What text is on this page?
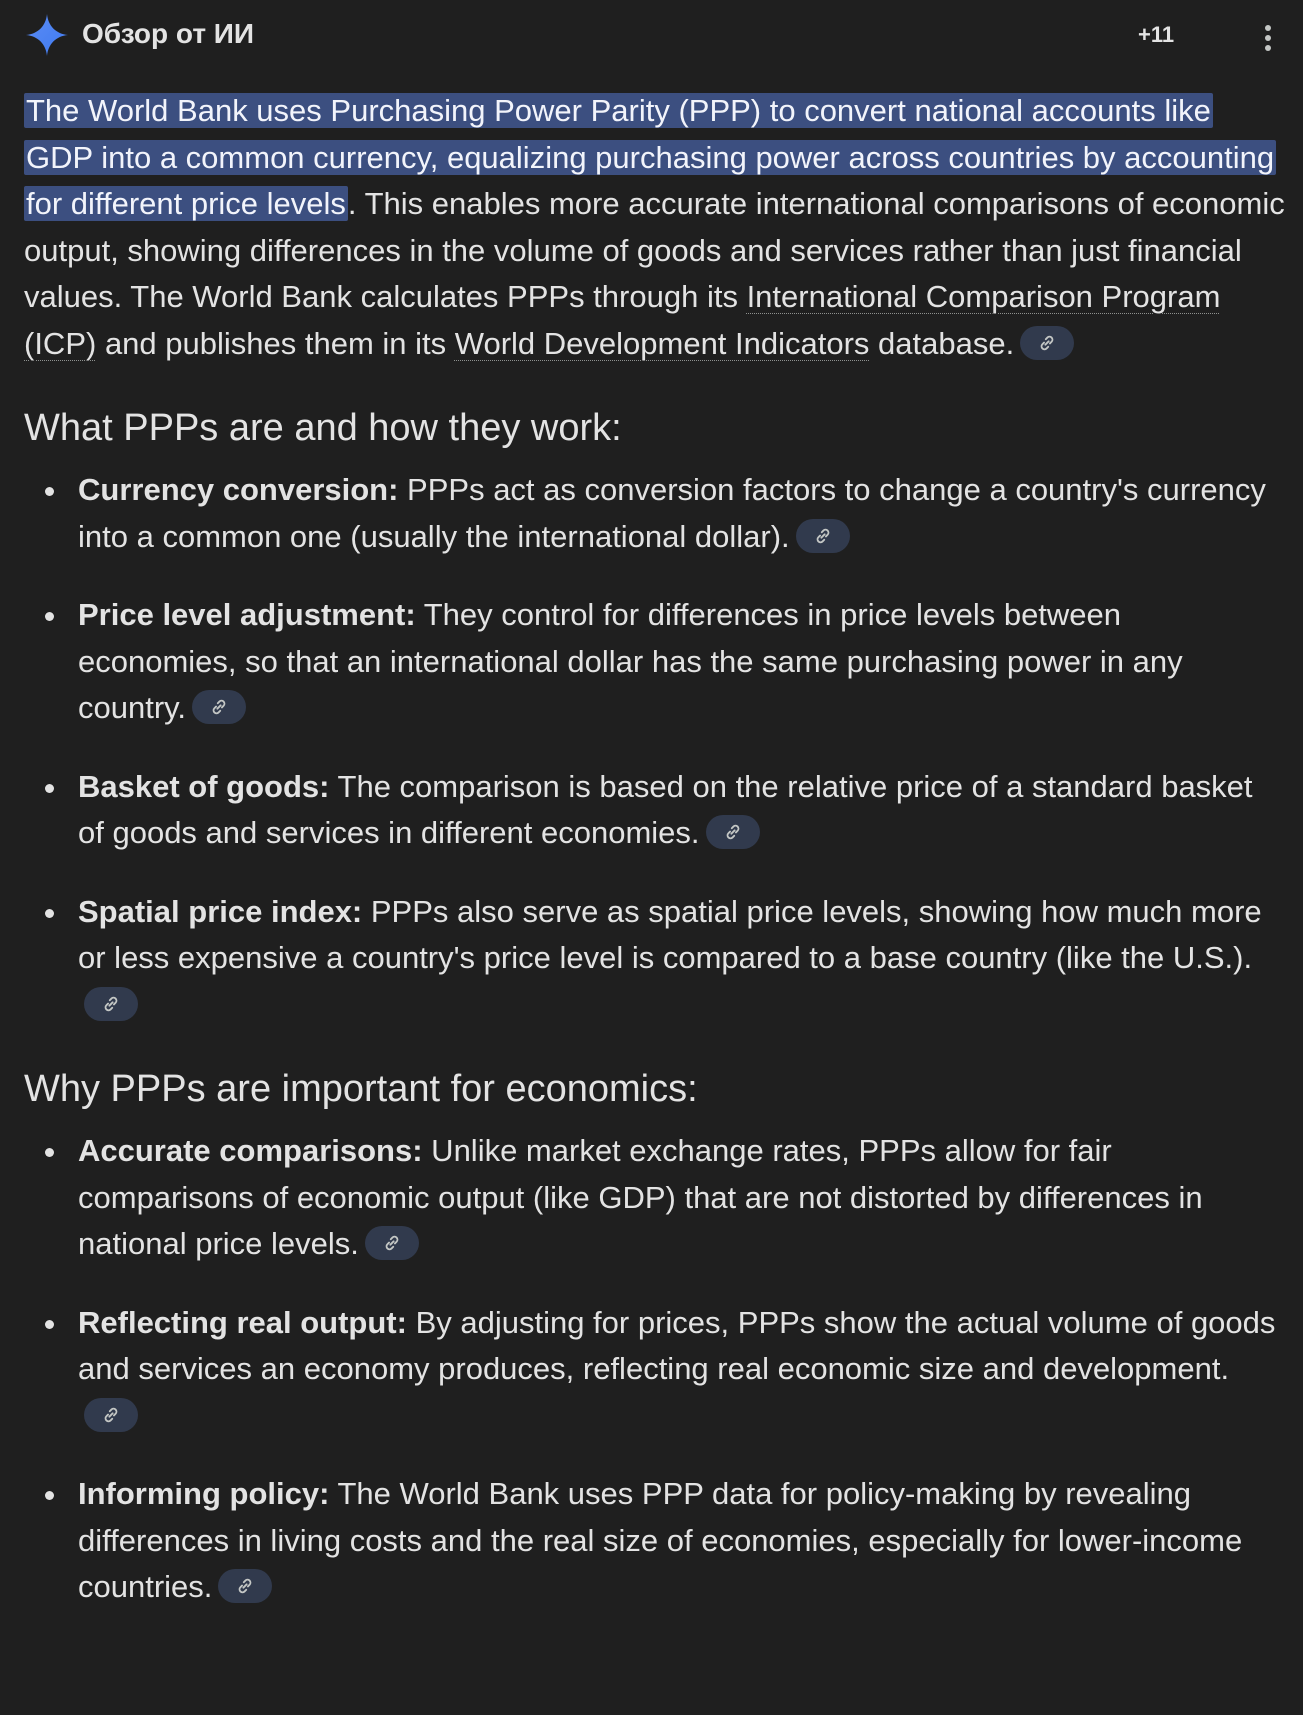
Обзор от ИИ	+11

The World Bank uses Purchasing Power Parity (PPP) to convert national accounts like GDP into a common currency, equalizing purchasing power across countries by accounting for different price levels. This enables more accurate international comparisons of economic output, showing differences in the volume of goods and services rather than just financial values. The World Bank calculates PPPs through its International Comparison Program (ICP) and publishes them in its World Development Indicators database.

What PPPs are and how they work:
Currency conversion: PPPs act as conversion factors to change a country's currency into a common one (usually the international dollar).
Price level adjustment: They control for differences in price levels between economies, so that an international dollar has the same purchasing power in any country.
Basket of goods: The comparison is based on the relative price of a standard basket of goods and services in different economies.
Spatial price index: PPPs also serve as spatial price levels, showing how much more or less expensive a country's price level is compared to a base country (like the U.S.).
Why PPPs are important for economics:
Accurate comparisons: Unlike market exchange rates, PPPs allow for fair comparisons of economic output (like GDP) that are not distorted by differences in national price levels.
Reflecting real output: By adjusting for prices, PPPs show the actual volume of goods and services an economy produces, reflecting real economic size and development.
Informing policy: The World Bank uses PPP data for policy-making by revealing differences in living costs and the real size of economies, especially for lower-income countries.
